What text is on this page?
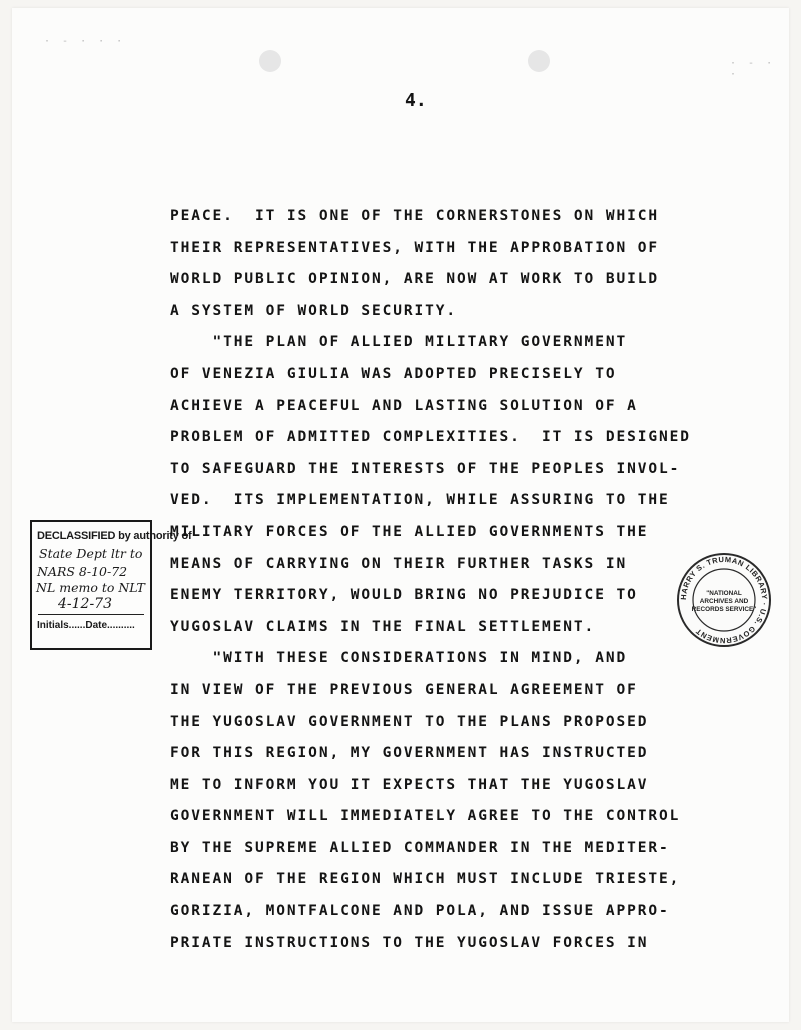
· - · · ·
· - · ·
4.
PEACE.  IT IS ONE OF THE CORNERSTONES ON WHICH
THEIR REPRESENTATIVES, WITH THE APPROBATION OF
WORLD PUBLIC OPINION, ARE NOW AT WORK TO BUILD
A SYSTEM OF WORLD SECURITY.
"THE PLAN OF ALLIED MILITARY GOVERNMENT
OF VENEZIA GIULIA WAS ADOPTED PRECISELY TO
ACHIEVE A PEACEFUL AND LASTING SOLUTION OF A
PROBLEM OF ADMITTED COMPLEXITIES.  IT IS DESIGNED
TO SAFEGUARD THE INTERESTS OF THE PEOPLES INVOL-
VED.  ITS IMPLEMENTATION, WHILE ASSURING TO THE
MILITARY FORCES OF THE ALLIED GOVERNMENTS THE
MEANS OF CARRYING ON THEIR FURTHER TASKS IN
ENEMY TERRITORY, WOULD BRING NO PREJUDICE TO
YUGOSLAV CLAIMS IN THE FINAL SETTLEMENT.
"WITH THESE CONSIDERATIONS IN MIND, AND
IN VIEW OF THE PREVIOUS GENERAL AGREEMENT OF
THE YUGOSLAV GOVERNMENT TO THE PLANS PROPOSED
FOR THIS REGION, MY GOVERNMENT HAS INSTRUCTED
ME TO INFORM YOU IT EXPECTS THAT THE YUGOSLAV
GOVERNMENT WILL IMMEDIATELY AGREE TO THE CONTROL
BY THE SUPREME ALLIED COMMANDER IN THE MEDITER-
RANEAN OF THE REGION WHICH MUST INCLUDE TRIESTE,
GORIZIA, MONTFALCONE AND POLA, AND ISSUE APPRO-
PRIATE INSTRUCTIONS TO THE YUGOSLAV FORCES IN
DECLASSIFIED by authority of
State Dept ltr to
NARS 8-10-72
NL memo to NLT
4-12-73
Initials......Date..........
HARRY S. TRUMAN LIBRARY · U.S. GOVERNMENT
"NATIONAL ARCHIVES AND RECORDS SERVICE"
